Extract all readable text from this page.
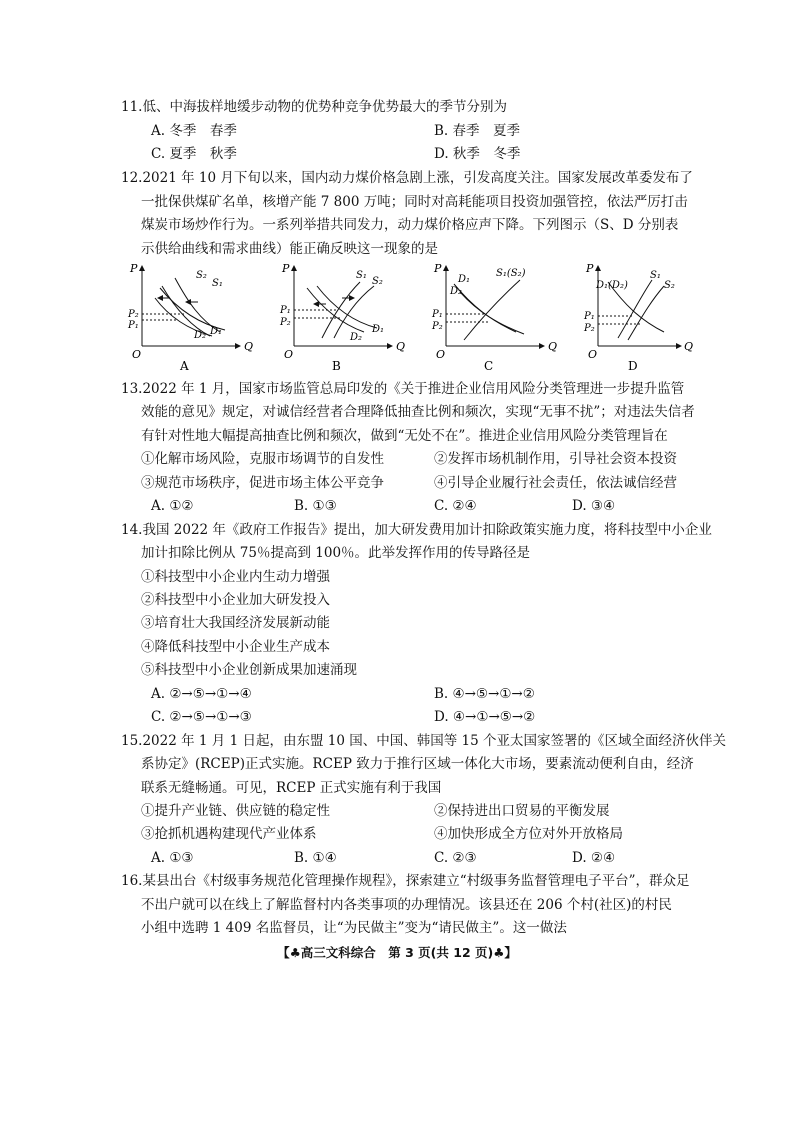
11.低、中海拔样地缓步动物的优势种竞争优势最大的季节分别为
A. 冬季　春季	B. 春季　夏季
C. 夏季　秋季	D. 秋季　冬季
12.2021 年 10 月下旬以来，国内动力煤价格急剧上涨，引发高度关注。国家发展改革委发布了
一批保供煤矿名单，核增产能 7 800 万吨；同时对高耗能项目投资加强管控，依法严厉打击
煤炭市场炒作行为。一系列举措共同发力，动力煤价格应声下降。下列图示（S、D 分别表
示供给曲线和需求曲线）能正确反映这一现象的是
P
Q
O
P₂
P₁
S₂
S₁
D₂ D₁
A
P
Q
O
P₁
P₂
S₁
S₂
D₂
D₁
B
P
Q
O
P₁
P₂
D₁
D₂
S₁(S₂)
C
P
Q
O
P₁
P₂
D₁(D₂)
S₁
S₂
D
13.2022 年 1 月，国家市场监管总局印发的《关于推进企业信用风险分类管理进一步提升监管
效能的意见》规定，对诚信经营者合理降低抽查比例和频次，实现“无事不扰”；对违法失信者
有针对性地大幅提高抽查比例和频次，做到“无处不在”。推进企业信用风险分类管理旨在
①化解市场风险，克服市场调节的自发性	②发挥市场机制作用，引导社会资本投资
③规范市场秩序，促进市场主体公平竞争	④引导企业履行社会责任，依法诚信经营
A. ①②	B. ①③	C. ②④	D. ③④
14.我国 2022 年《政府工作报告》提出，加大研发费用加计扣除政策实施力度，将科技型中小企业
加计扣除比例从 75％提高到 100％。此举发挥作用的传导路径是
①科技型中小企业内生动力增强
②科技型中小企业加大研发投入
③培育壮大我国经济发展新动能
④降低科技型中小企业生产成本
⑤科技型中小企业创新成果加速涌现
A. ②→⑤→①→④	B. ④→⑤→①→②
C. ②→⑤→①→③	D. ④→①→⑤→②
15.2022 年 1 月 1 日起，由东盟 10 国、中国、韩国等 15 个亚太国家签署的《区域全面经济伙伴关
系协定》(RCEP)正式实施。RCEP 致力于推行区域一体化大市场，要素流动便利自由，经济
联系无缝畅通。可见，RCEP 正式实施有利于我国
①提升产业链、供应链的稳定性	②保持进出口贸易的平衡发展
③抢抓机遇构建现代产业体系	④加快形成全方位对外开放格局
A. ①③	B. ①④	C. ②③	D. ②④
16.某县出台《村级事务规范化管理操作规程》，探索建立“村级事务监督管理电子平台”，群众足
不出户就可以在线上了解监督村内各类事项的办理情况。该县还在 206 个村(社区)的村民
小组中选聘 1 409 名监督员，让“为民做主”变为“请民做主”。这一做法
【♣高三文科综合　第 3 页(共 12 页)♣】
